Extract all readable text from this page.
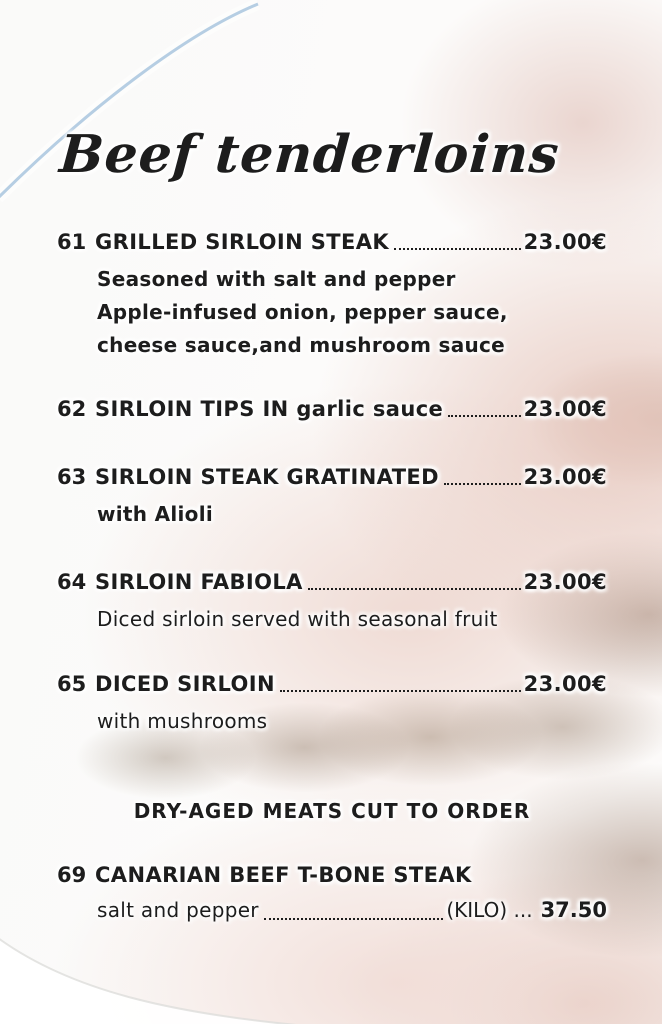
Beef tenderloins
61 GRILLED SIRLOIN STEAK	23.00€
Seasoned with salt and pepper
Apple-infused onion, pepper sauce,
cheese sauce,and mushroom sauce
62 SIRLOIN TIPS IN garlic sauce	23.00€
63 SIRLOIN STEAK GRATINATED	23.00€
with Alioli
64 SIRLOIN FABIOLA	23.00€
Diced sirloin served with seasonal fruit
65 DICED SIRLOIN	23.00€
with mushrooms
DRY-AGED MEATS CUT TO ORDER
69 CANARIAN BEEF T-BONE STEAK
salt and pepper	(KILO) ... 37.50
